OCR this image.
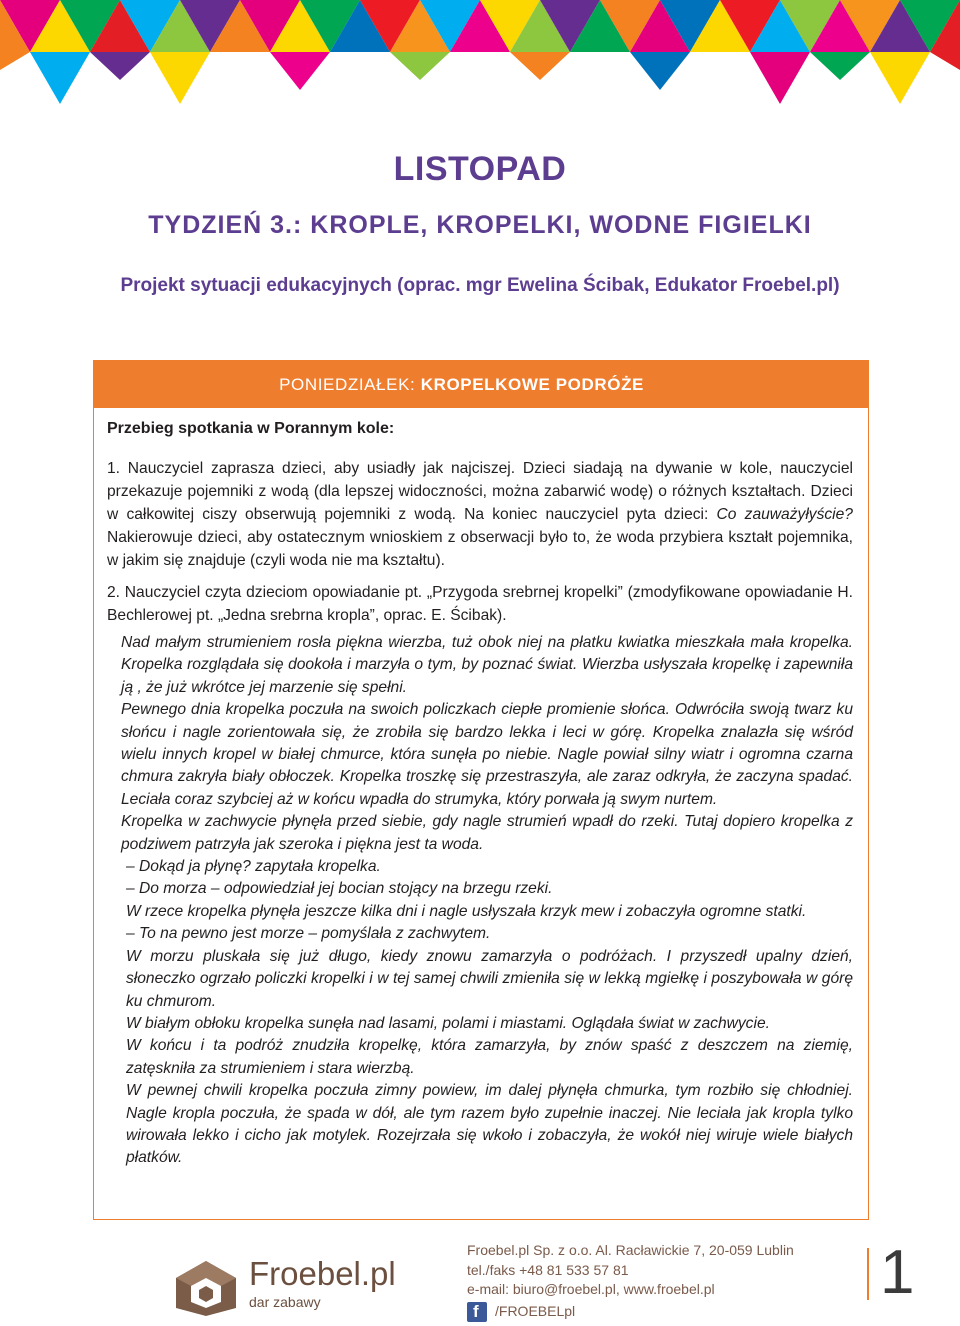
LISTOPAD
TYDZIEŃ 3.: KROPLE, KROPELKI, WODNE FIGIELKI
Projekt sytuacji edukacyjnych (oprac. mgr Ewelina Ścibak, Edukator Froebel.pl)
PONIEDZIAŁEK: KROPELKOWE PODRÓŻE

Przebieg spotkania w Porannym kole:

1. Nauczyciel zaprasza dzieci, aby usiadły jak najciszej. Dzieci siadają na dywanie w kole, nauczyciel przekazuje pojemniki z wodą (dla lepszej widoczności, można zabarwić wodę) o różnych kształtach. Dzieci w całkowitej ciszy obserwują pojemniki z wodą. Na koniec nauczyciel pyta dzieci: Co zauważyłyście? Nakierowuje dzieci, aby ostatecznym wnioskiem z obserwacji było to, że woda przybiera kształt pojemnika, w jakim się znajduje (czyli woda nie ma kształtu).

2. Nauczyciel czyta dzieciom opowiadanie pt. „Przygoda srebrnej kropelki” (zmodyfikowane opowiadanie H. Bechlerowej pt. „Jedna srebrna kropla”, oprac. E. Ścibak).

Nad małym strumieniem rosła piękna wierzba, tuż obok niej na płatku kwiatka mieszkała mała kropelka. Kropelka rozglądała się dookoła i marzyła o tym, by poznać świat. Wierzba usłyszała kropelkę i zapewniła ją , że już wkrótce jej marzenie się spełni.

Pewnego dnia kropelka poczuła na swoich policzkach ciepłe promienie słońca. Odwróciła swoją twarz ku słońcu i nagle zorientowała się, że zrobiła się bardzo lekka i leci w górę. Kropelka znalazła się wśród wielu innych kropel w białej chmurce, która sunęła po niebie. Nagle powiał silny wiatr i ogromna czarna chmura zakryła biały obłoczek. Kropelka troszkę się przestraszyła, ale zaraz odkryła, że zaczyna spadać. Leciała coraz szybciej aż w końcu wpadła do strumyka, który porwała ją swym nurtem.

Kropelka w zachwycie płynęła przed siebie, gdy nagle strumień wpadł do rzeki. Tutaj dopiero kropelka z podziwem patrzyła jak szeroka i piękna jest ta woda.

– Dokąd ja płynę? zapytała kropelka.

– Do morza – odpowiedział jej bocian stojący na brzegu rzeki.

W rzece kropelka płynęła jeszcze kilka dni i nagle usłyszała krzyk mew i zobaczyła ogromne statki.

– To na pewno jest morze – pomyślała z zachwytem.

W morzu pluskała się już długo, kiedy znowu zamarzyła o podróżach. I przyszedł upalny dzień, słoneczko ogrzało policzki kropelki i w tej samej chwili zmieniła się w lekką mgiełkę i poszybowała w górę ku chmurom.

W białym obłoku kropelka sunęła nad lasami, polami i miastami. Oglądała świat w zachwycie.

W końcu i ta podróż znudziła kropelkę, która zamarzyła, by znów spaść z deszczem na ziemię, zatęskniła za strumieniem i stara wierzbą.

W pewnej chwili kropelka poczuła zimny powiew, im dalej płynęła chmurka, tym rozbiło się chłodniej. Nagle kropla poczuła, że spada w dół, ale tym razem było zupełnie inaczej. Nie leciała jak kropla tylko wirowała lekko i cicho jak motylek. Rozejrzała się wkoło i zobaczyła, że wokół niej wiruje wiele białych płatków.

Froebel.pl
dar zabawy
Froebel.pl Sp. z o.o. Al. Racławickie 7, 20-059 Lublin
tel./faks +48 81 533 57 81
e-mail: biuro@froebel.pl, www.froebel.pl
f
/FROEBELpl
1
